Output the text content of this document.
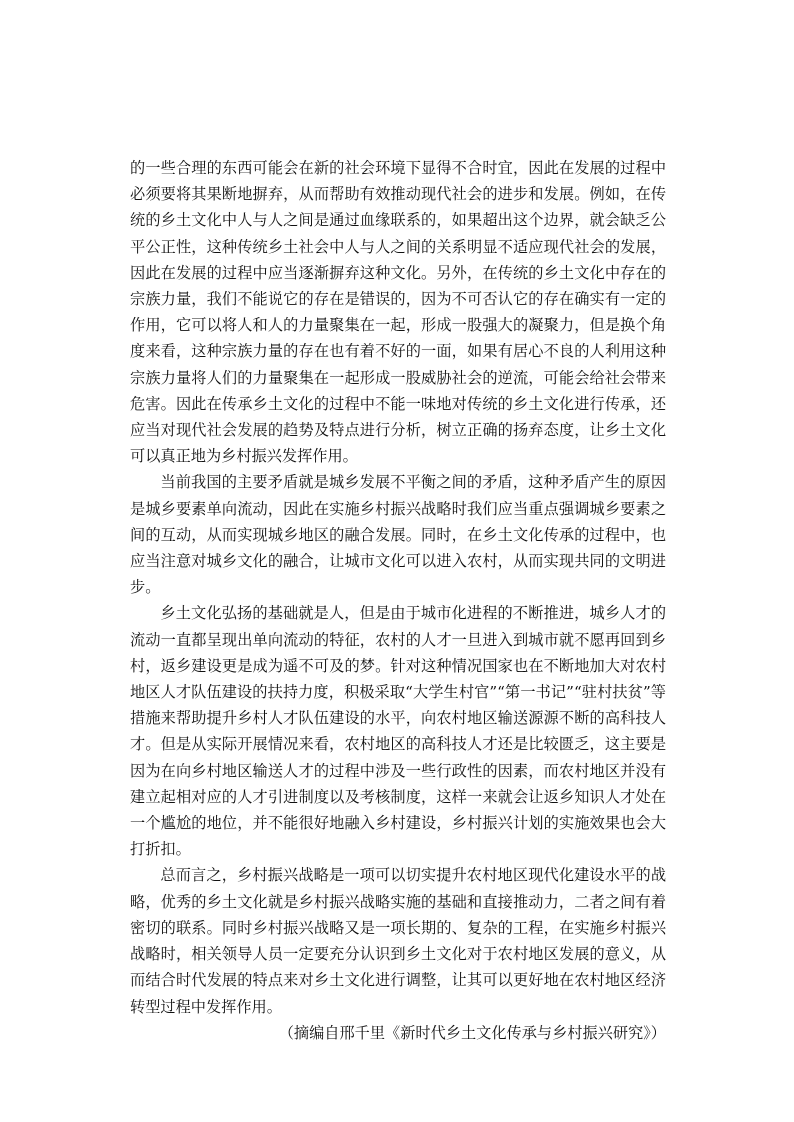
的一些合理的东西可能会在新的社会环境下显得不合时宜，因此在发展的过程中必须要将其果断地摒弃，从而帮助有效推动现代社会的进步和发展。例如，在传统的乡土文化中人与人之间是通过血缘联系的，如果超出这个边界，就会缺乏公平公正性，这种传统乡土社会中人与人之间的关系明显不适应现代社会的发展，因此在发展的过程中应当逐渐摒弃这种文化。另外，在传统的乡土文化中存在的宗族力量，我们不能说它的存在是错误的，因为不可否认它的存在确实有一定的作用，它可以将人和人的力量聚集在一起，形成一股强大的凝聚力，但是换个角度来看，这种宗族力量的存在也有着不好的一面，如果有居心不良的人利用这种宗族力量将人们的力量聚集在一起形成一股威胁社会的逆流，可能会给社会带来危害。因此在传承乡土文化的过程中不能一味地对传统的乡土文化进行传承，还应当对现代社会发展的趋势及特点进行分析，树立正确的扬弃态度，让乡土文化可以真正地为乡村振兴发挥作用。

当前我国的主要矛盾就是城乡发展不平衡之间的矛盾，这种矛盾产生的原因是城乡要素单向流动，因此在实施乡村振兴战略时我们应当重点强调城乡要素之间的互动，从而实现城乡地区的融合发展。同时，在乡土文化传承的过程中，也应当注意对城乡文化的融合，让城市文化可以进入农村，从而实现共同的文明进步。

乡土文化弘扬的基础就是人，但是由于城市化进程的不断推进，城乡人才的流动一直都呈现出单向流动的特征，农村的人才一旦进入到城市就不愿再回到乡村，返乡建设更是成为遥不可及的梦。针对这种情况国家也在不断地加大对农村地区人才队伍建设的扶持力度，积极采取“大学生村官”“第一书记”“驻村扶贫”等措施来帮助提升乡村人才队伍建设的水平，向农村地区输送源源不断的高科技人才。但是从实际开展情况来看，农村地区的高科技人才还是比较匮乏，这主要是因为在向乡村地区输送人才的过程中涉及一些行政性的因素，而农村地区并没有建立起相对应的人才引进制度以及考核制度，这样一来就会让返乡知识人才处在一个尴尬的地位，并不能很好地融入乡村建设，乡村振兴计划的实施效果也会大打折扣。

总而言之，乡村振兴战略是一项可以切实提升农村地区现代化建设水平的战略，优秀的乡土文化就是乡村振兴战略实施的基础和直接推动力，二者之间有着密切的联系。同时乡村振兴战略又是一项长期的、复杂的工程，在实施乡村振兴战略时，相关领导人员一定要充分认识到乡土文化对于农村地区发展的意义，从而结合时代发展的特点来对乡土文化进行调整，让其可以更好地在农村地区经济转型过程中发挥作用。

（摘编自邢千里《新时代乡土文化传承与乡村振兴研究》）
